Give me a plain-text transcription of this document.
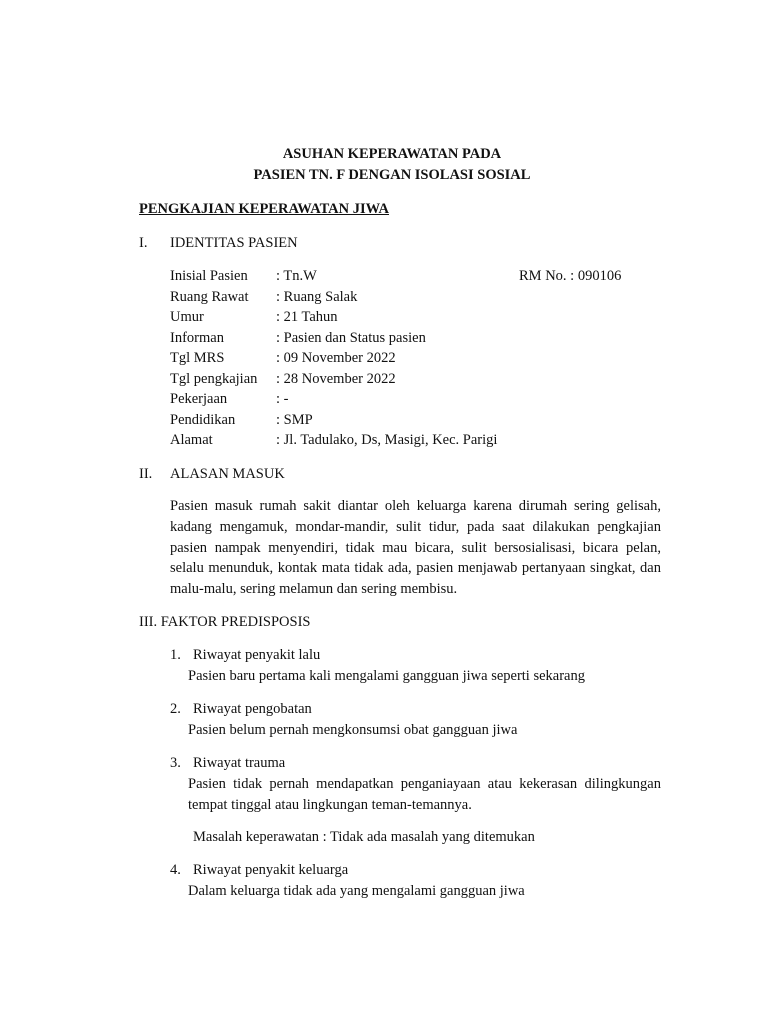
ASUHAN KEPERAWATAN PADA
PASIEN TN. F DENGAN ISOLASI SOSIAL
PENGKAJIAN KEPERAWATAN JIWA
I. IDENTITAS PASIEN
Inisial Pasien : Tn.W	RM No. : 090106
Ruang Rawat : Ruang Salak
Umur	: 21 Tahun
Informan	: Pasien dan Status pasien
Tgl MRS	: 09 November 2022
Tgl pengkajian : 28 November 2022
Pekerjaan	: -
Pendidikan	: SMP
Alamat	: Jl. Tadulako, Ds, Masigi, Kec. Parigi
II. ALASAN MASUK
Pasien masuk rumah sakit diantar oleh keluarga karena dirumah sering gelisah, kadang mengamuk, mondar-mandir, sulit tidur, pada saat dilakukan pengkajian pasien nampak menyendiri, tidak mau bicara, sulit bersosialisasi, bicara pelan, selalu menunduk, kontak mata tidak ada, pasien menjawab pertanyaan singkat, dan malu-malu, sering melamun dan sering membisu.
III. FAKTOR PREDISPOSIS
1. Riwayat penyakit lalu
Pasien baru pertama kali mengalami gangguan jiwa seperti sekarang
2. Riwayat pengobatan
Pasien belum pernah mengkonsumsi obat gangguan jiwa
3. Riwayat trauma
Pasien tidak pernah mendapatkan penganiayaan atau kekerasan dilingkungan tempat tinggal atau lingkungan teman-temannya.
Masalah keperawatan : Tidak ada masalah yang ditemukan
4. Riwayat penyakit keluarga
Dalam keluarga tidak ada yang mengalami gangguan jiwa
